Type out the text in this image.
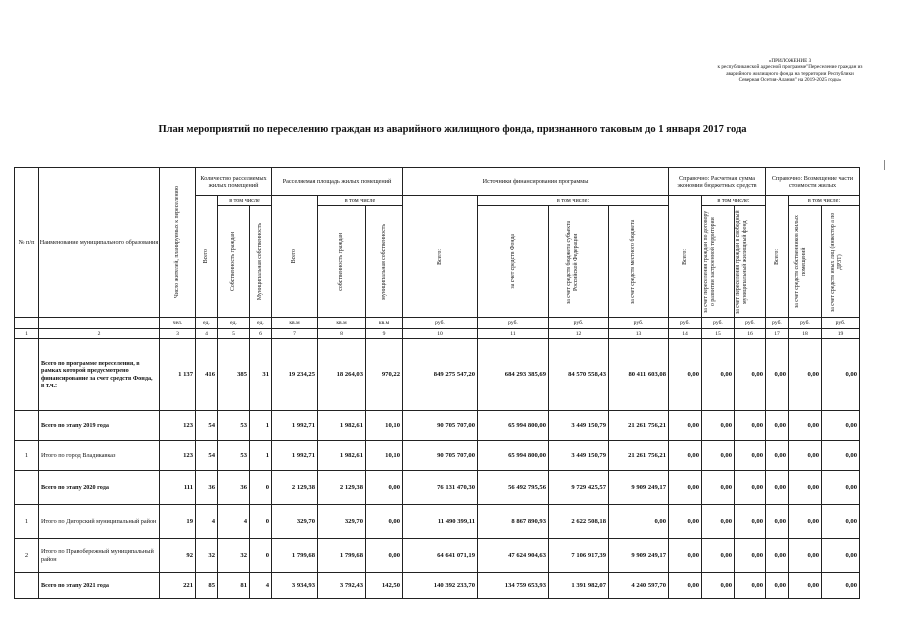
«ПРИЛОЖЕНИЕ 3
к республиканской адресной программе"Переселение граждан из
аварийного жилищного фонда на территории Республики
Северная Осетия-Алания" на 2019-2025 годы»
План мероприятий по переселению граждан из аварийного жилищного фонда, признанного таковым до 1 января 2017 года
№ п/п	Наименование муниципального образования	Число жителей, планируемых к переселению	Количество расселяемых жилых помещений			Расселяемая площадь жилых помещений			Источники финансирования программы				Справочно: Расчетная сумма экономии бюджетных средств			Справочно: Возмещение части стоимости жилых		

			Всего	в том числе		Всего	в том числе		Всего:	в том числе:			Всего:	в том числе:		Всего:	в том числе:	

				Собственность граждан	Муниципальная собственность		собственность граждан	муниципальная собственность		за счет средств Фонда	за счет средств бюджета субъекта Российской Федерации	за счет средств местного бюджета		за счет переселения граждан по договору о развитии застроенной территории	за счет переселения граждан в свободный муниципальный жилищный фонд		за счет средств собственников жилых помещений	за счет средств иных лиц (инвестор а по ДРЗТ)

		чел.	ед.	ед.	ед.	кв.м	кв.м	кв.м	руб.	руб.	руб.	руб.	руб.	руб.	руб.	руб.	руб.	руб.
1	2	3	4	5	6	7	8	9	10	11	12	13	14	15	16	17	18	19
	Всего по программе переселения, в рамках которой предусмотрено финансирование за счет средств Фонда, в т.ч.:	1 137	416	385	31	19 234,25	18 264,03	970,22	849 275 547,20	684 293 385,69	84 570 558,43	80 411 603,08	0,00	0,00	0,00	0,00	0,00	0,00
	Всего по этапу 2019 года	123	54	53	1	1 992,71	1 982,61	10,10	90 705 707,00	65 994 800,00	3 449 150,79	21 261 756,21	0,00	0,00	0,00	0,00	0,00	0,00
1	Итого по город Владикавказ	123	54	53	1	1 992,71	1 982,61	10,10	90 705 707,00	65 994 800,00	3 449 150,79	21 261 756,21	0,00	0,00	0,00	0,00	0,00	0,00
	Всего по этапу 2020 года	111	36	36	0	2 129,38	2 129,38	0,00	76 131 470,30	56 492 795,56	9 729 425,57	9 909 249,17	0,00	0,00	0,00	0,00	0,00	0,00
1	Итого по Дигорский муниципальный район	19	4	4	0	329,70	329,70	0,00	11 490 399,11	8 867 890,93	2 622 508,18	0,00	0,00	0,00	0,00	0,00	0,00	0,00
2	Итого по Правобережный муниципальный район	92	32	32	0	1 799,68	1 799,68	0,00	64 641 071,19	47 624 904,63	7 106 917,39	9 909 249,17	0,00	0,00	0,00	0,00	0,00	0,00
	Всего по этапу 2021 года	221	85	81	4	3 934,93	3 792,43	142,50	140 392 233,70	134 759 653,93	1 391 982,07	4 240 597,70	0,00	0,00	0,00	0,00	0,00	0,00
